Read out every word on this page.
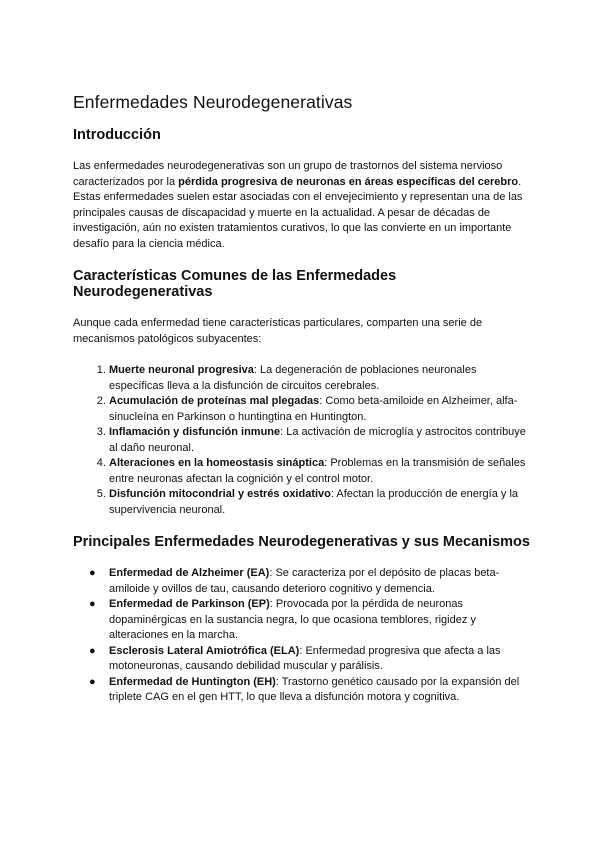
Enfermedades Neurodegenerativas
Introducción

Las enfermedades neurodegenerativas son un grupo de trastornos del sistema nervioso caracterizados por la pérdida progresiva de neuronas en áreas específicas del cerebro. Estas enfermedades suelen estar asociadas con el envejecimiento y representan una de las principales causas de discapacidad y muerte en la actualidad. A pesar de décadas de investigación, aún no existen tratamientos curativos, lo que las convierte en un importante desafío para la ciencia médica.

Características Comunes de las Enfermedades Neurodegenerativas

Aunque cada enfermedad tiene características particulares, comparten una serie de mecanismos patológicos subyacentes:

1. Muerte neuronal progresiva: La degeneración de poblaciones neuronales específicas lleva a la disfunción de circuitos cerebrales.
2. Acumulación de proteínas mal plegadas: Como beta-amiloide en Alzheimer, alfa-sinucleína en Parkinson o huntingtina en Huntington.
3. Inflamación y disfunción inmune: La activación de microglía y astrocitos contribuye al daño neuronal.
4. Alteraciones en la homeostasis sináptica: Problemas en la transmisión de señales entre neuronas afectan la cognición y el control motor.
5. Disfunción mitocondrial y estrés oxidativo: Afectan la producción de energía y la supervivencia neuronal.
Principales Enfermedades Neurodegenerativas y sus Mecanismos
● Enfermedad de Alzheimer (EA): Se caracteriza por el depósito de placas beta-amiloide y ovillos de tau, causando deterioro cognitivo y demencia.
● Enfermedad de Parkinson (EP): Provocada por la pérdida de neuronas dopaminérgicas en la sustancia negra, lo que ocasiona temblores, rigidez y alteraciones en la marcha.
● Esclerosis Lateral Amiotrófica (ELA): Enfermedad progresiva que afecta a las motoneuronas, causando debilidad muscular y parálisis.
● Enfermedad de Huntington (EH): Trastorno genético causado por la expansión del triplete CAG en el gen HTT, lo que lleva a disfunción motora y cognitiva.
